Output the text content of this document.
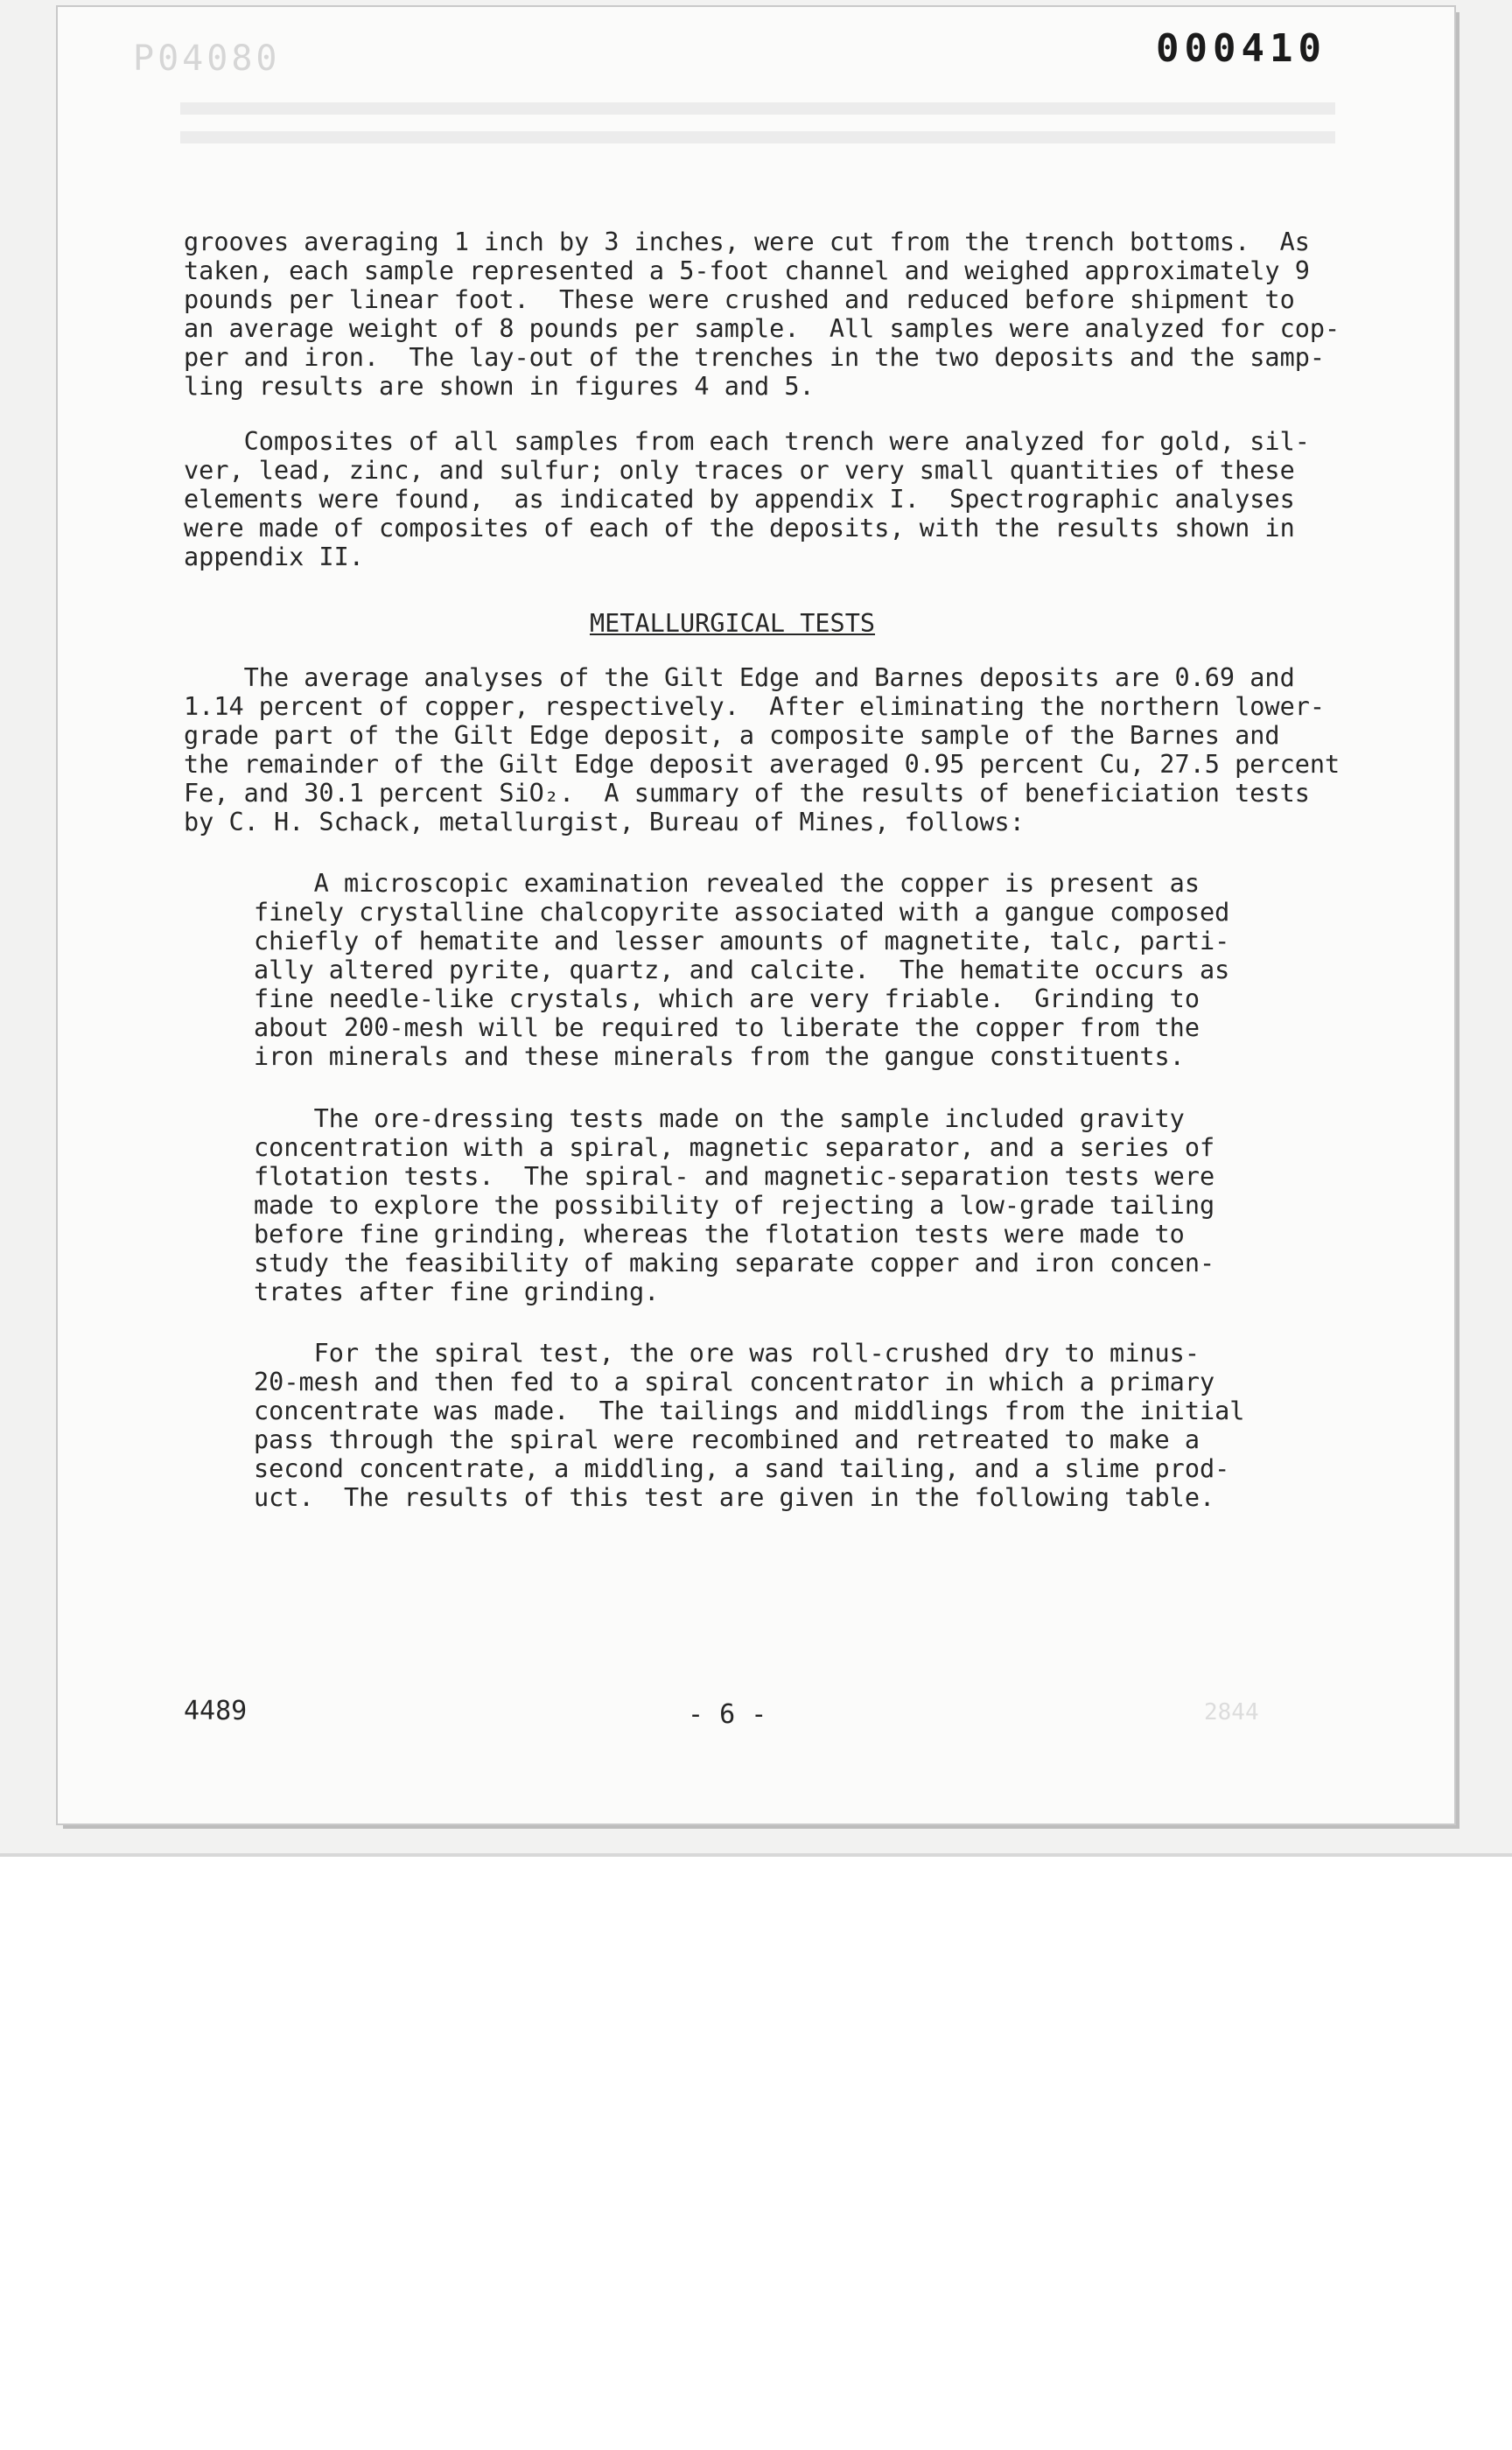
P04080	000410
grooves averaging 1 inch by 3 inches, were cut from the trench bottoms.  As
taken, each sample represented a 5-foot channel and weighed approximately 9
pounds per linear foot.  These were crushed and reduced before shipment to
an average weight of 8 pounds per sample.  All samples were analyzed for cop-
per and iron.  The lay-out of the trenches in the two deposits and the samp-
ling results are shown in figures 4 and 5.
Composites of all samples from each trench were analyzed for gold, sil-
ver, lead, zinc, and sulfur; only traces or very small quantities of these
elements were found,  as indicated by appendix I.  Spectrographic analyses
were made of composites of each of the deposits, with the results shown in
appendix II.
METALLURGICAL TESTS
The average analyses of the Gilt Edge and Barnes deposits are 0.69 and
1.14 percent of copper, respectively.  After eliminating the northern lower-
grade part of the Gilt Edge deposit, a composite sample of the Barnes and
the remainder of the Gilt Edge deposit averaged 0.95 percent Cu, 27.5 percent
Fe, and 30.1 percent SiO₂.  A summary of the results of beneficiation tests
by C. H. Schack, metallurgist, Bureau of Mines, follows:
A microscopic examination revealed the copper is present as
finely crystalline chalcopyrite associated with a gangue composed
chiefly of hematite and lesser amounts of magnetite, talc, parti-
ally altered pyrite, quartz, and calcite.  The hematite occurs as
fine needle-like crystals, which are very friable.  Grinding to
about 200-mesh will be required to liberate the copper from the
iron minerals and these minerals from the gangue constituents.
The ore-dressing tests made on the sample included gravity
concentration with a spiral, magnetic separator, and a series of
flotation tests.  The spiral- and magnetic-separation tests were
made to explore the possibility of rejecting a low-grade tailing
before fine grinding, whereas the flotation tests were made to
study the feasibility of making separate copper and iron concen-
trates after fine grinding.
For the spiral test, the ore was roll-crushed dry to minus-
20-mesh and then fed to a spiral concentrator in which a primary
concentrate was made.  The tailings and middlings from the initial
pass through the spiral were recombined and retreated to make a
second concentrate, a middling, a sand tailing, and a slime prod-
uct.  The results of this test are given in the following table.
4489	- 6 -	2844
